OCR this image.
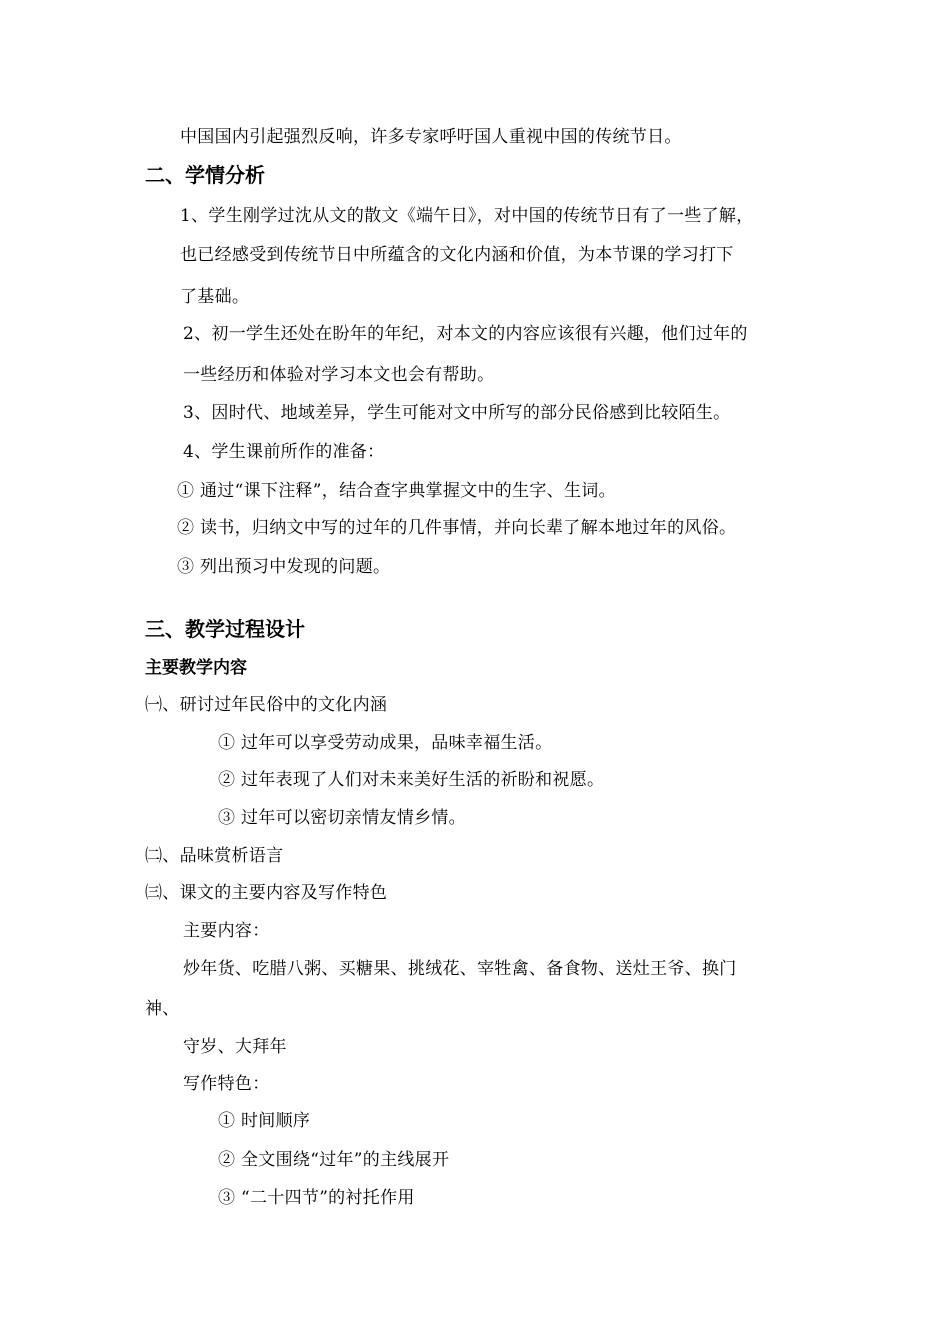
中国国内引起强烈反响，许多专家呼吁国人重视中国的传统节日。
二、学情分析
1、学生刚学过沈从文的散文《端午日》，对中国的传统节日有了一些了解，
也已经感受到传统节日中所蕴含的文化内涵和价值，为本节课的学习打下
了基础。
2、初一学生还处在盼年的年纪，对本文的内容应该很有兴趣，他们过年的
一些经历和体验对学习本文也会有帮助。
3、因时代、地域差异，学生可能对文中所写的部分民俗感到比较陌生。
4、学生课前所作的准备：
① 通过“课下注释”，结合查字典掌握文中的生字、生词。
② 读书，归纳文中写的过年的几件事情，并向长辈了解本地过年的风俗。
③ 列出预习中发现的问题。
三、教学过程设计
主要教学内容
㈠、研讨过年民俗中的文化内涵
① 过年可以享受劳动成果，品味幸福生活。
② 过年表现了人们对未来美好生活的祈盼和祝愿。
③ 过年可以密切亲情友情乡情。
㈡、品味赏析语言
㈢、课文的主要内容及写作特色
主要内容：
炒年货、吃腊八粥、买糖果、挑绒花、宰牲禽、备食物、送灶王爷、换门
神、
守岁、大拜年
写作特色：
① 时间顺序
② 全文围绕“过年”的主线展开
③ “二十四节”的衬托作用
